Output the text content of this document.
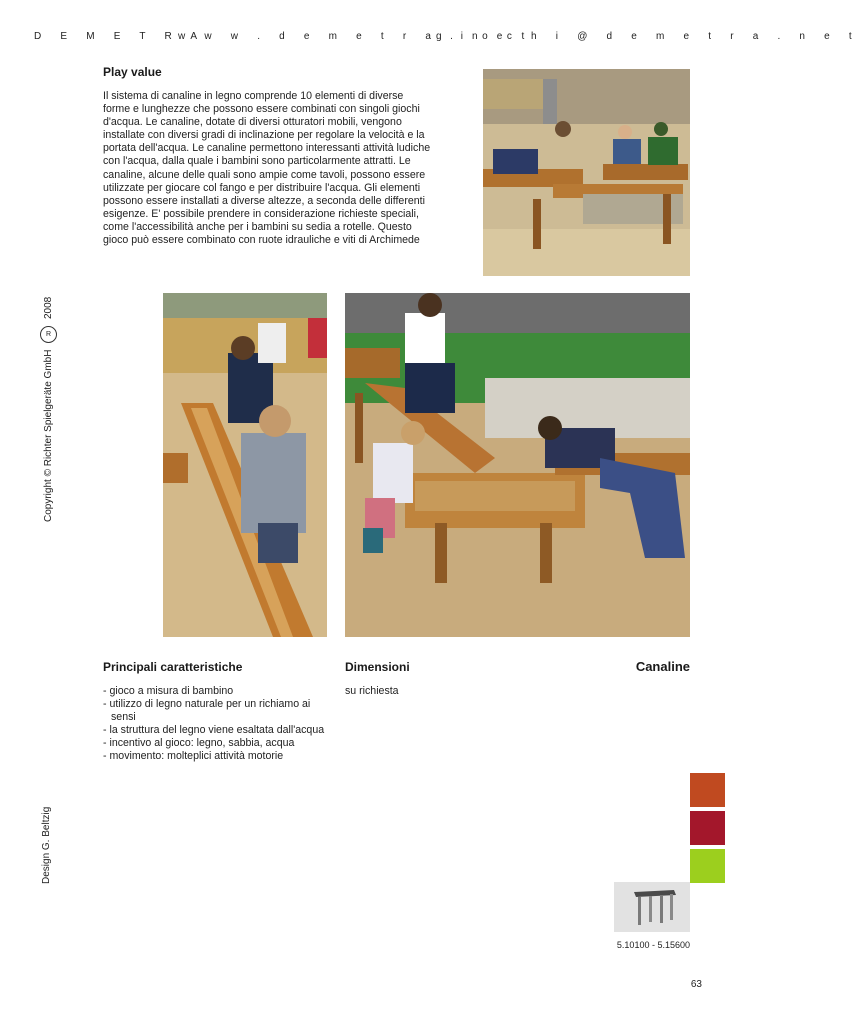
D E M E T R A
w w w . d e m e t r a . n e t
g i o c h i @ d e m e t r a . n e t
Copyright © Richter Spielgeräte GmbH R 2008
Design G. Beltzig
Play value
Il sistema di canaline in legno comprende 10 elementi di diverse forme e lunghezze che possono essere combinati con singoli giochi d'acqua. Le canaline, dotate di diversi otturatori mobili, vengono installate con diversi gradi di inclinazione per regolare la velocità e la portata dell'acqua. Le canaline permettono interessanti attività ludiche con l'acqua, dalla quale i bambini sono particolarmente attratti. Le canaline, alcune delle quali sono ampie come tavoli, possono essere utilizzate per giocare col fango e per distribuire l'acqua. Gli elementi possono essere installati a diverse altezze, a seconda delle differenti esigenze. E' possibile prendere in considerazione richieste speciali, come l'accessibilità anche per i bambini su sedia a rotelle. Questo gioco può essere combinato con ruote idrauliche e viti di Archimede
Principali caratteristiche	Dimensioni	Canaline
- gioco a misura di bambino
- utilizzo di legno naturale per un richiamo ai sensi
- la struttura del legno viene esaltata dall'acqua
- incentivo al gioco: legno, sabbia, acqua
- movimento: molteplici attività motorie
su richiesta
5.10100 - 5.15600
63
